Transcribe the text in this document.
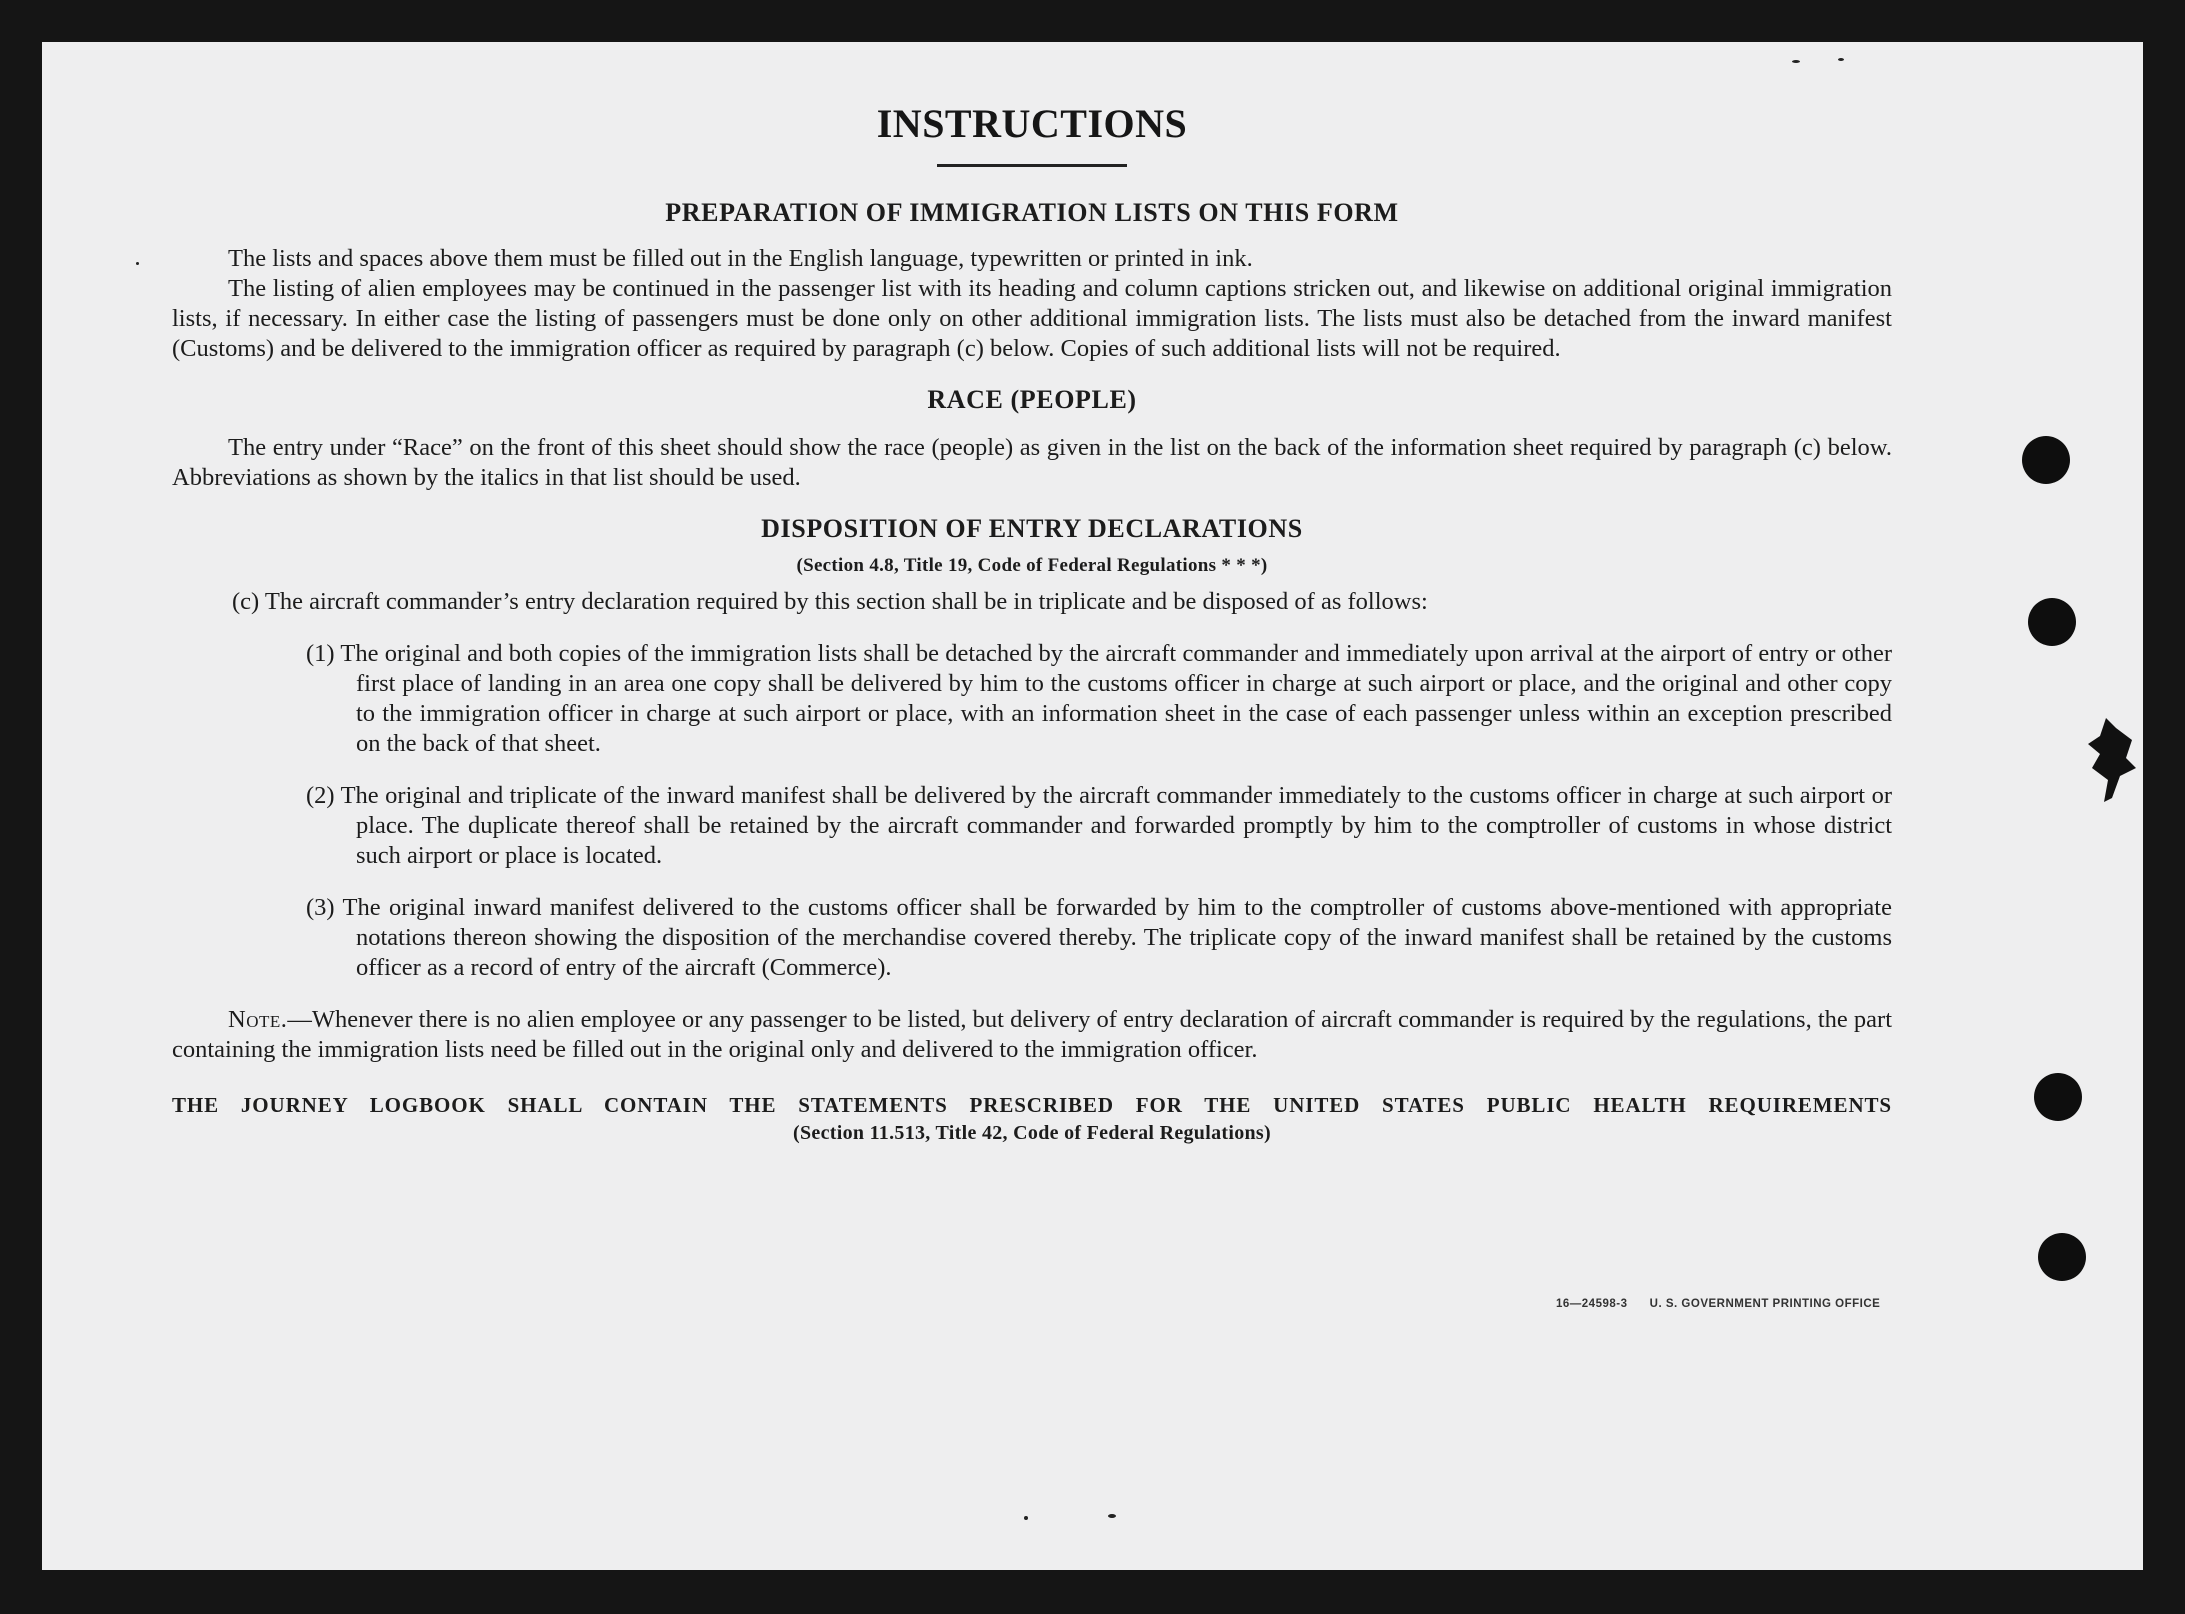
INSTRUCTIONS
PREPARATION OF IMMIGRATION LISTS ON THIS FORM
The lists and spaces above them must be filled out in the English language, typewritten or printed in ink.
The listing of alien employees may be continued in the passenger list with its heading and column captions stricken out, and likewise on additional original immigration lists, if necessary. In either case the listing of passengers must be done only on other additional immigration lists. The lists must also be detached from the inward manifest (Customs) and be delivered to the immigration officer as required by paragraph (c) below. Copies of such additional lists will not be required.
RACE (PEOPLE)
The entry under “Race” on the front of this sheet should show the race (people) as given in the list on the back of the information sheet required by paragraph (c) below. Abbreviations as shown by the italics in that list should be used.
DISPOSITION OF ENTRY DECLARATIONS
(Section 4.8, Title 19, Code of Federal Regulations * * *)
(c) The aircraft commander’s entry declaration required by this section shall be in triplicate and be disposed of as follows:
(1) The original and both copies of the immigration lists shall be detached by the aircraft commander and immediately upon arrival at the airport of entry or other first place of landing in an area one copy shall be delivered by him to the customs officer in charge at such airport or place, and the original and other copy to the immigration officer in charge at such airport or place, with an information sheet in the case of each passenger unless within an exception prescribed on the back of that sheet.
(2) The original and triplicate of the inward manifest shall be delivered by the aircraft commander immediately to the customs officer in charge at such airport or place. The duplicate thereof shall be retained by the aircraft commander and forwarded promptly by him to the comptroller of customs in whose district such airport or place is located.
(3) The original inward manifest delivered to the customs officer shall be forwarded by him to the comptroller of customs above-mentioned with appropriate notations thereon showing the disposition of the merchandise covered thereby. The triplicate copy of the inward manifest shall be retained by the customs officer as a record of entry of the aircraft (Commerce).
Note.—Whenever there is no alien employee or any passenger to be listed, but delivery of entry declaration of aircraft commander is required by the regulations, the part containing the immigration lists need be filled out in the original only and delivered to the immigration officer.
THE JOURNEY LOGBOOK SHALL CONTAIN THE STATEMENTS PRESCRIBED FOR THE UNITED STATES PUBLIC HEALTH REQUIREMENTS
(Section 11.513, Title 42, Code of Federal Regulations)
16—24598-3 U. S. GOVERNMENT PRINTING OFFICE
